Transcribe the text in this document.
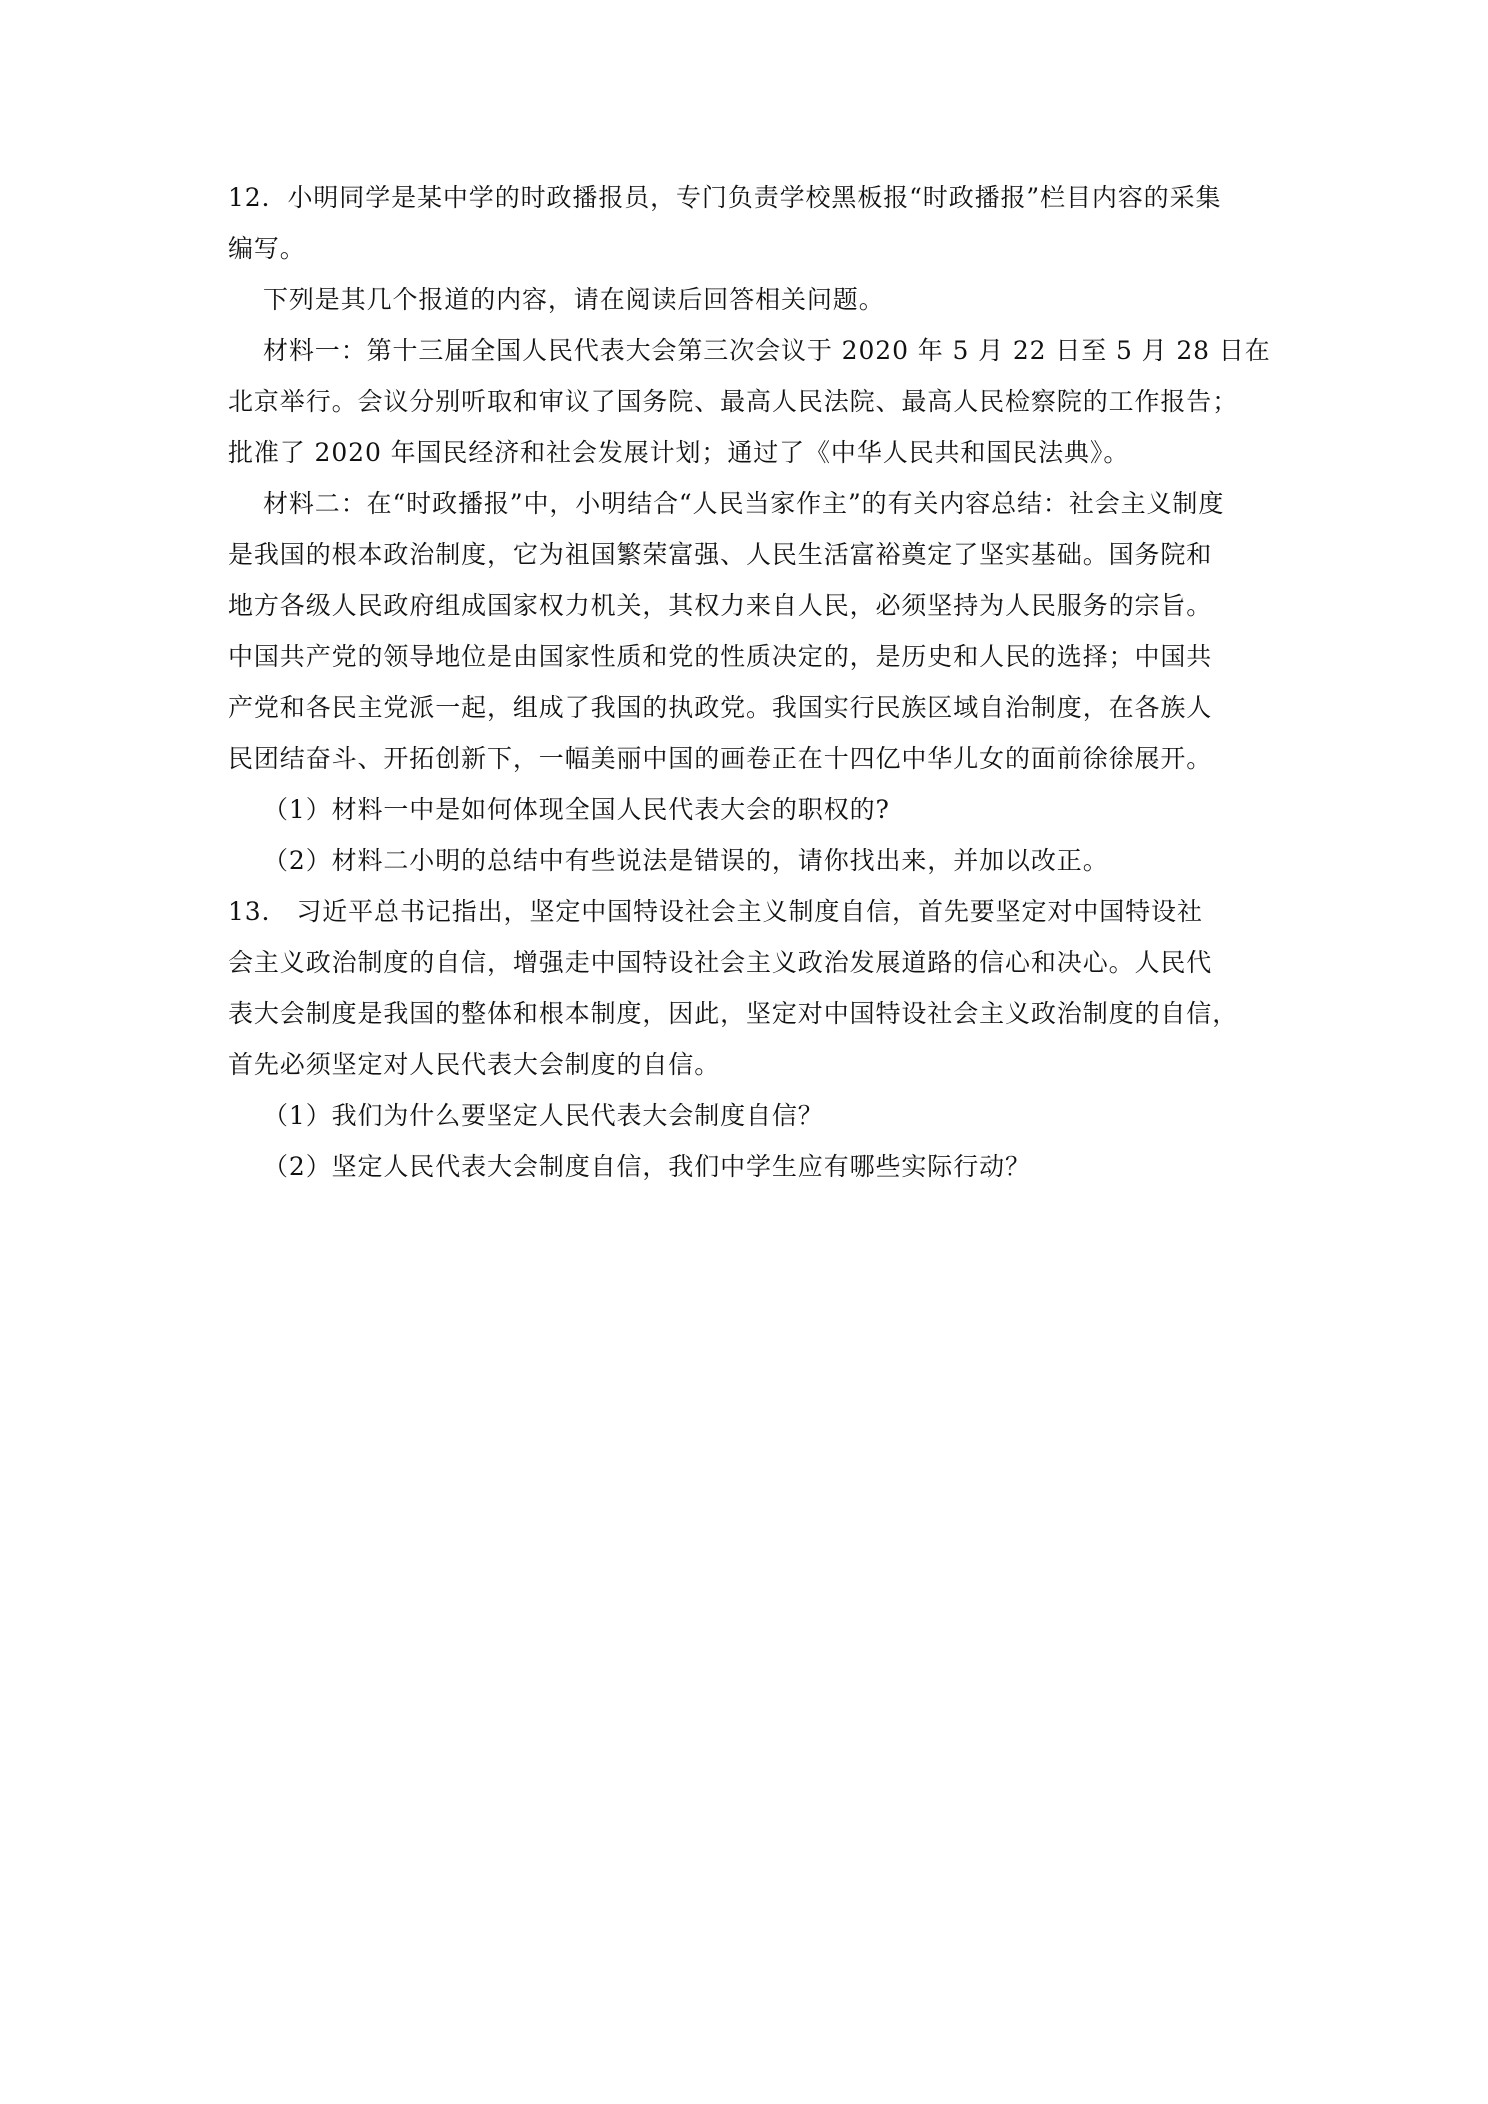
12．小明同学是某中学的时政播报员，专门负责学校黑板报“时政播报”栏目内容的采集

编写。

下列是其几个报道的内容，请在阅读后回答相关问题。

材料一：第十三届全国人民代表大会第三次会议于 2020 年 5 月 22 日至 5 月 28 日在

北京举行。会议分别听取和审议了国务院、最高人民法院、最高人民检察院的工作报告；

批准了 2020 年国民经济和社会发展计划；通过了《中华人民共和国民法典》。

材料二：在“时政播报”中，小明结合“人民当家作主”的有关内容总结：社会主义制度

是我国的根本政治制度，它为祖国繁荣富强、人民生活富裕奠定了坚实基础。国务院和

地方各级人民政府组成国家权力机关，其权力来自人民，必须坚持为人民服务的宗旨。

中国共产党的领导地位是由国家性质和党的性质决定的，是历史和人民的选择；中国共

产党和各民主党派一起，组成了我国的执政党。我国实行民族区域自治制度，在各族人

民团结奋斗、开拓创新下，一幅美丽中国的画卷正在十四亿中华儿女的面前徐徐展开。

（1）材料一中是如何体现全国人民代表大会的职权的?

（2）材料二小明的总结中有些说法是错误的，请你找出来，并加以改正。

13． 习近平总书记指出，坚定中国特设社会主义制度自信，首先要坚定对中国特设社

会主义政治制度的自信，增强走中国特设社会主义政治发展道路的信心和决心。人民代

表大会制度是我国的整体和根本制度，因此，坚定对中国特设社会主义政治制度的自信，

首先必须坚定对人民代表大会制度的自信。

（1）我们为什么要坚定人民代表大会制度自信？

（2）坚定人民代表大会制度自信，我们中学生应有哪些实际行动？
